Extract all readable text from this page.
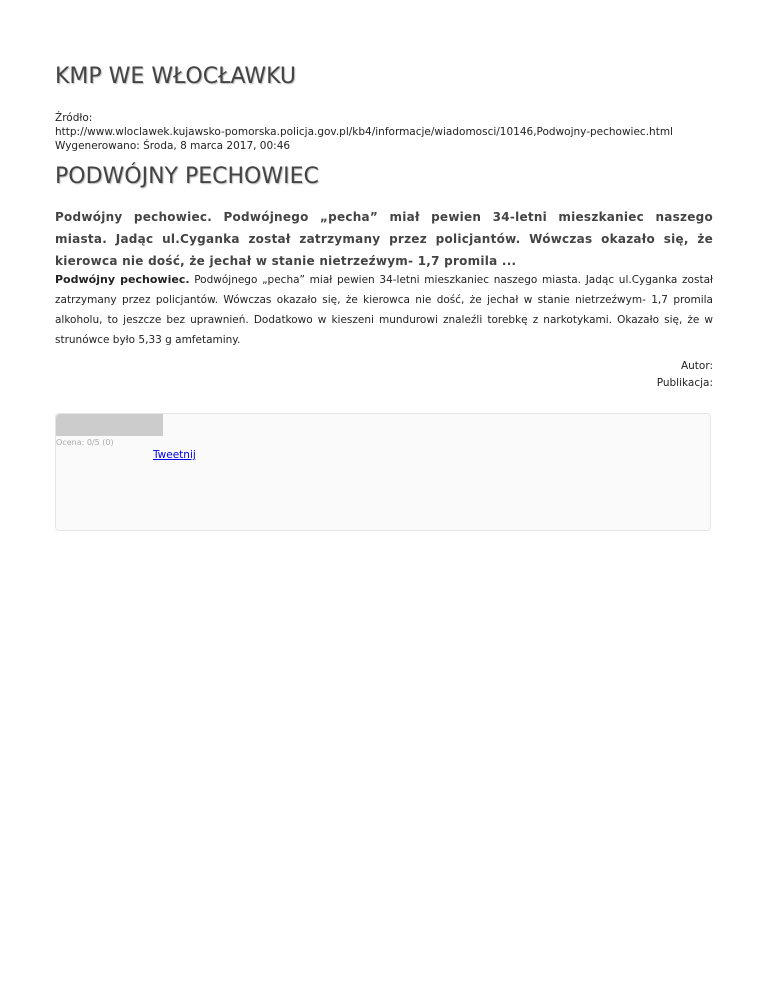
KMP WE WŁOCŁAWKU
Źródło:
http://www.wloclawek.kujawsko-pomorska.policja.gov.pl/kb4/informacje/wiadomosci/10146,Podwojny-pechowiec.html
Wygenerowano: Środa, 8 marca 2017, 00:46
PODWÓJNY PECHOWIEC

Podwójny pechowiec. Podwójnego „pecha” miał pewien 34-letni mieszkaniec naszego miasta. Jadąc ul.Cyganka został zatrzymany przez policjantów. Wówczas okazało się, że kierowca nie dość, że jechał w stanie nietrzeźwym- 1,7 promila ...

Podwójny pechowiec. Podwójnego „pecha” miał pewien 34-letni mieszkaniec naszego miasta. Jadąc ul.Cyganka został zatrzymany przez policjantów. Wówczas okazało się, że kierowca nie dość, że jechał w stanie nietrzeźwym- 1,7 promila alkoholu, to jeszcze bez uprawnień. Dodatkowo w kieszeni mundurowi znaleźli torebkę z narkotykami. Okazało się, że w strunówce było 5,33 g amfetaminy.

Autor:
Publikacja:
Ocena: 0/5 (0)
Tweetnij
